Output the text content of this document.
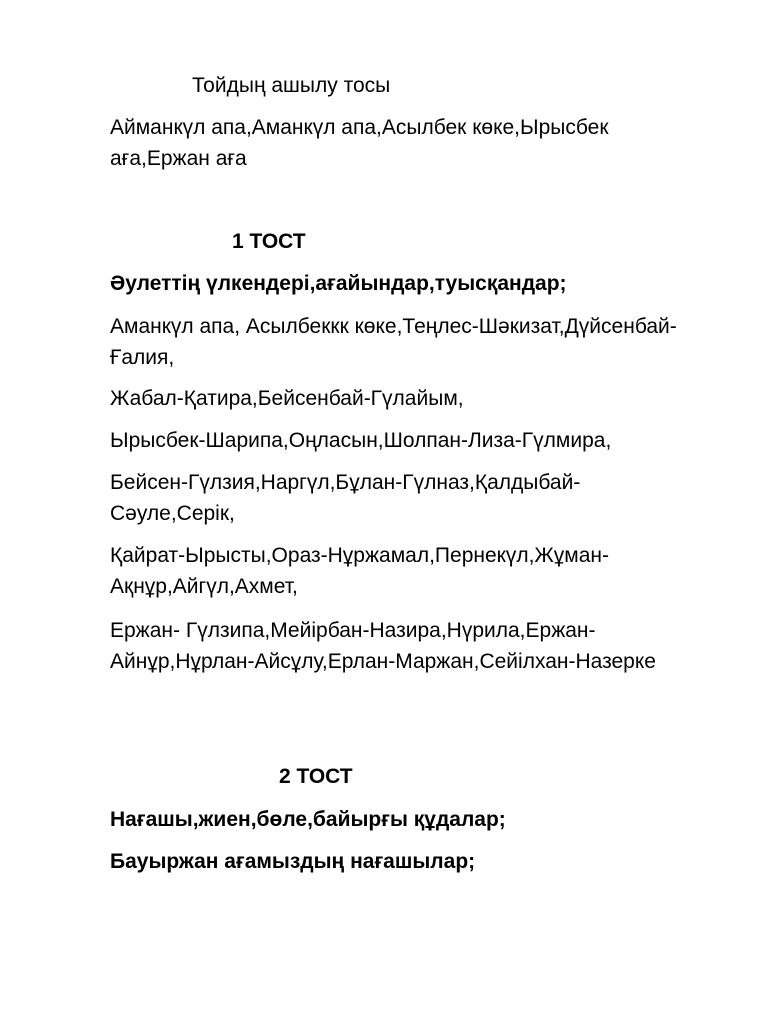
Тойдың ашылу тосы
Айманкүл апа,Аманкүл апа,Асылбек көке,Ырысбек аға,Ержан аға
1 ТОСТ
Әулеттің үлкендері,ағайындар,туысқандар;
Аманкүл апа, Асылбеккк көке,Теңлес-Шәкизат,Дүйсенбай-Ғалия,
Жабал-Қатира,Бейсенбай-Гүлайым,
Ырысбек-Шарипа,Оңласын,Шолпан-Лиза-Гүлмира,
Бейсен-Гүлзия,Наргүл,Бұлан-Гүлназ,Қалдыбай-Сәуле,Серік,
Қайрат-Ырысты,Ораз-Нұржамал,Пернекүл,Жұман-Ақнұр,Айгүл,Ахмет,
Ержан- Гүлзипа,Мейірбан-Назира,Нүрила,Ержан-Айнұр,Нұрлан-Айсұлу,Ерлан-Маржан,Сейілхан-Назерке
2 ТОСТ
Нағашы,жиен,бөле,байырғы құдалар;
Бауыржан ағамыздың нағашылар;
